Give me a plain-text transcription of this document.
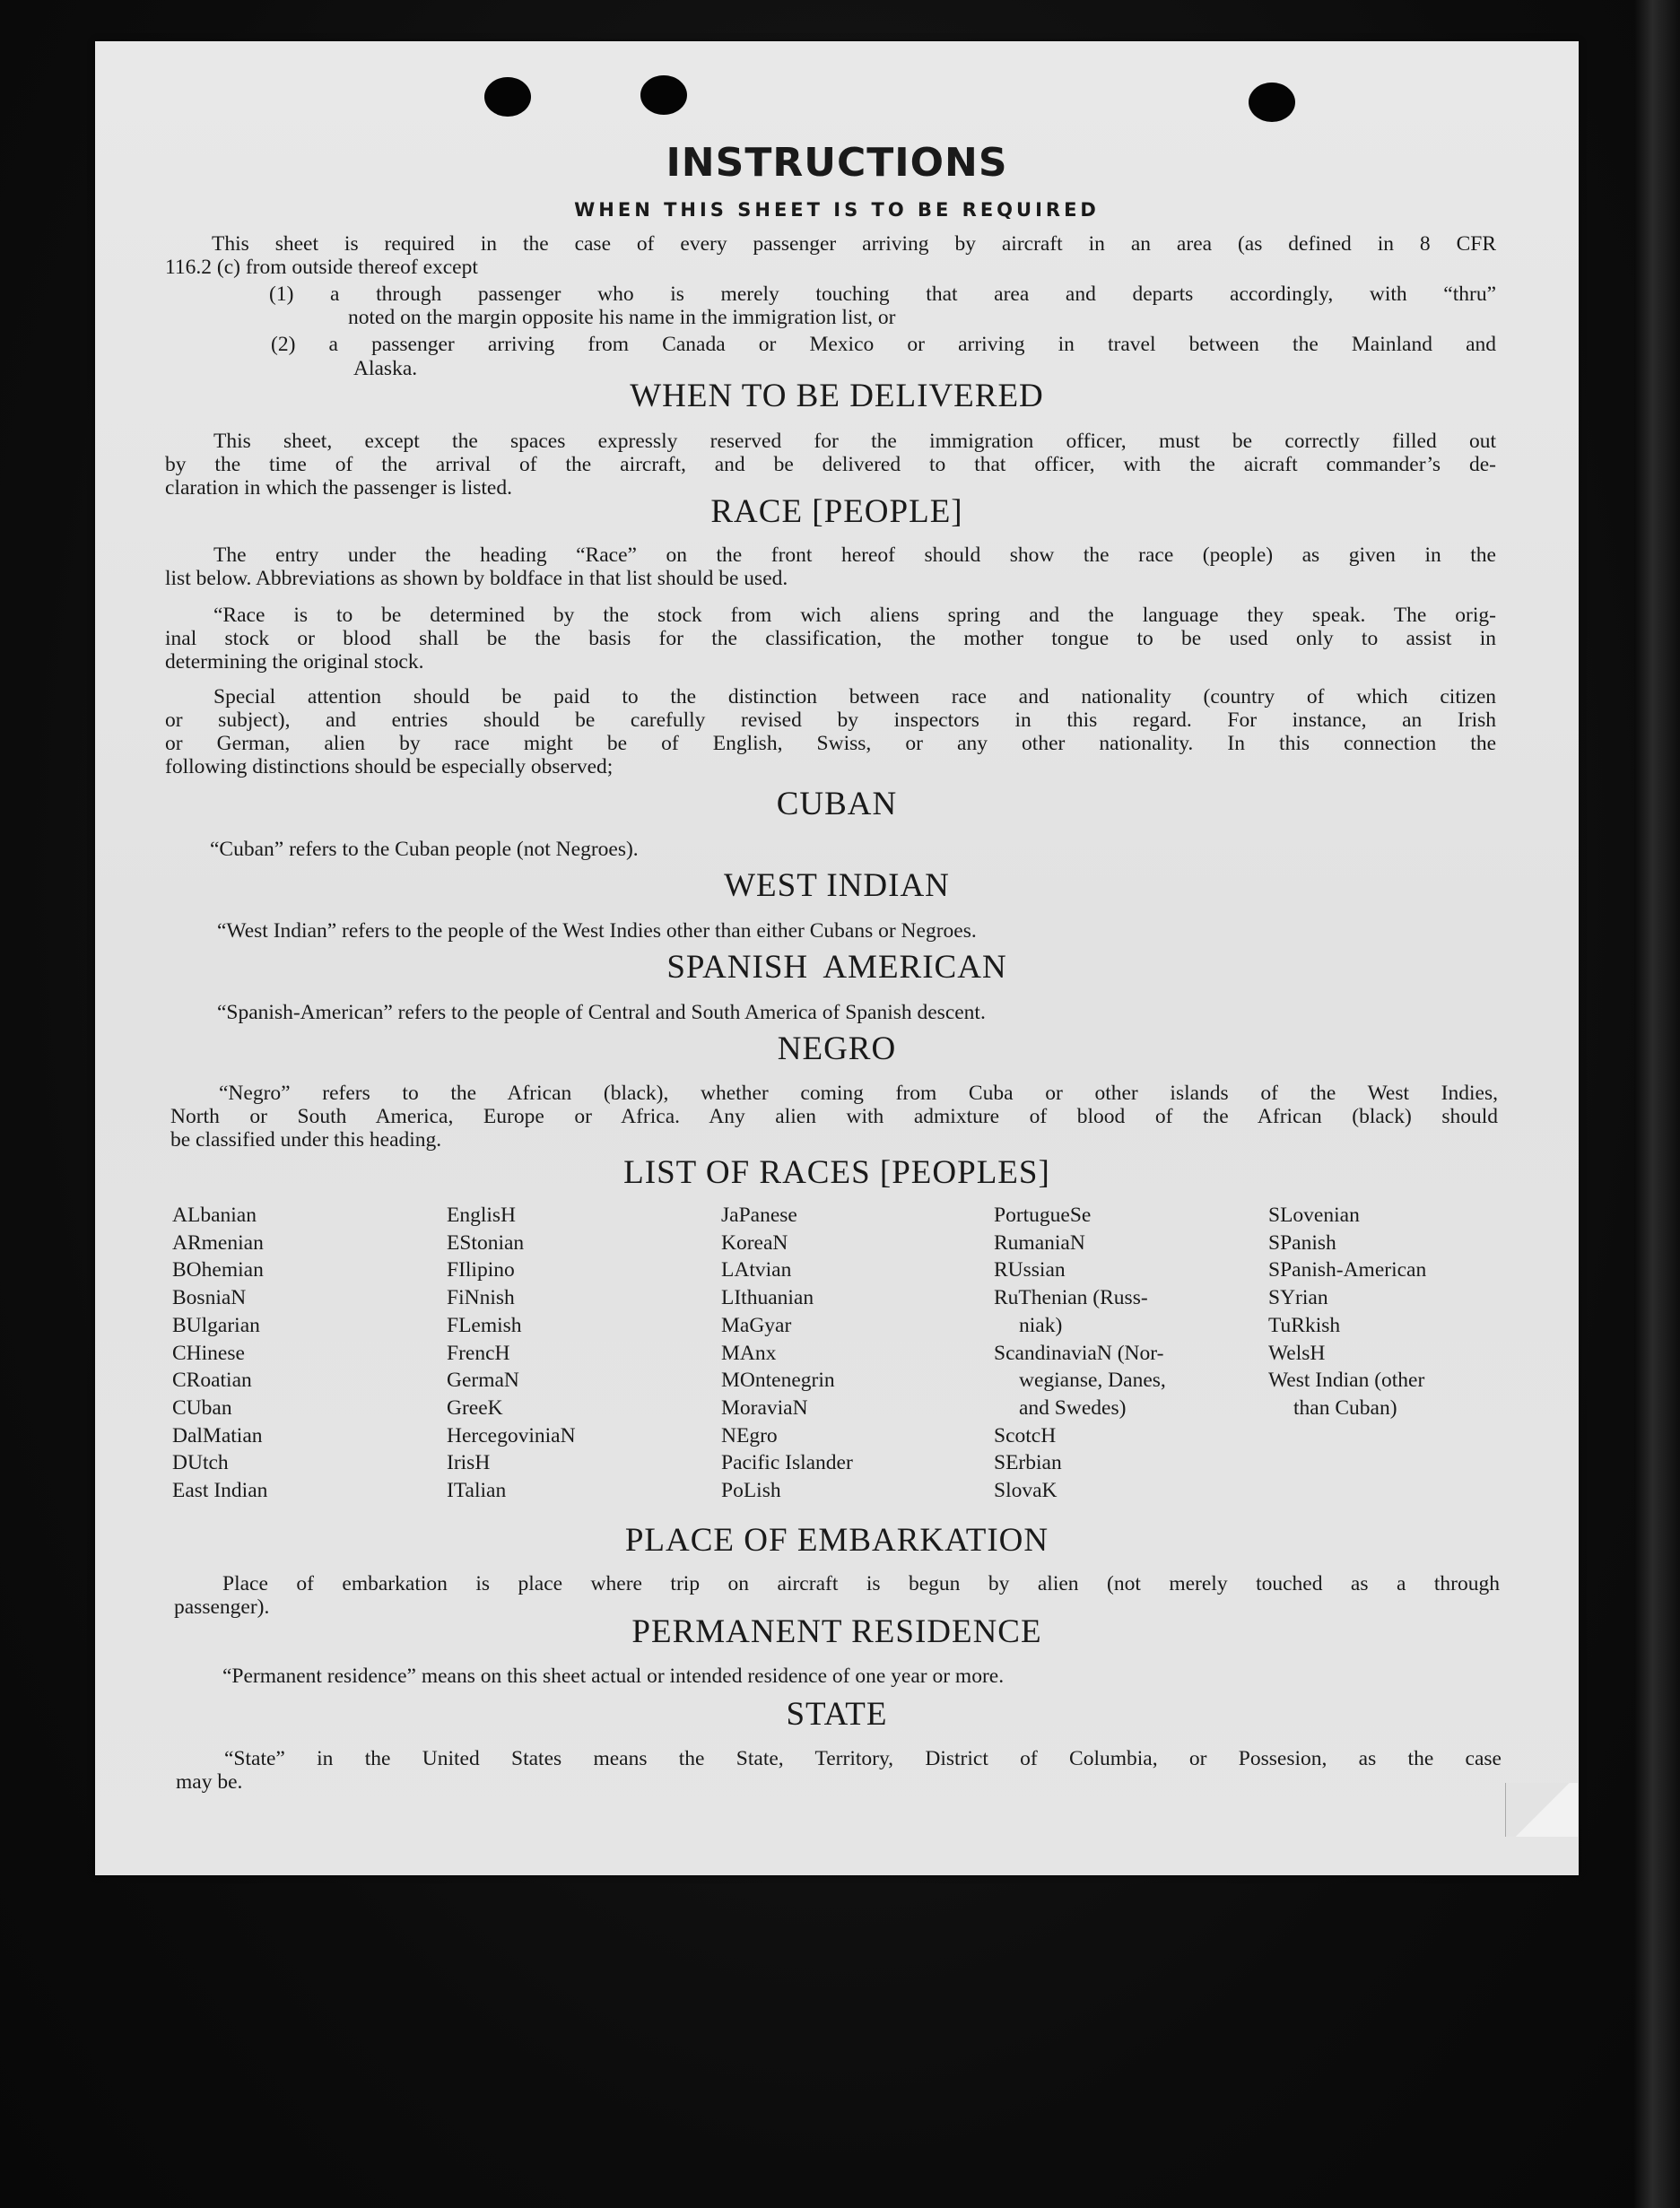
INSTRUCTIONS
WHEN THIS SHEET IS TO BE REQUIRED
This sheet is required in the case of every passenger arriving by aircraft in an area (as defined in 8 CFR
116.2 (c) from outside thereof except
(1) a through passenger who is merely touching that area and departs accordingly, with “thru”
noted on the margin opposite his name in the immigration list, or
(2) a passenger arriving from Canada or Mexico or arriving in travel between the Mainland and
Alaska.
WHEN TO BE DELIVERED
This sheet, except the spaces expressly reserved for the immigration officer, must be correctly filled out
by the time of the arrival of the aircraft, and be delivered to that officer, with the aicraft commander’s de-
claration in which the passenger is listed.
RACE [PEOPLE]
The entry under the heading “Race” on the front hereof should show the race (people) as given in the
list below. Abbreviations as shown by boldface in that list should be used.
“Race is to be determined by the stock from wich aliens spring and the language they speak. The orig-
inal stock or blood shall be the basis for the classification, the mother tongue to be used only to assist in
determining the original stock.
Special attention should be paid to the distinction between race and nationality (country of which citizen
or subject), and entries should be carefully revised by inspectors in this regard. For instance, an Irish
or German, alien by race might be of English, Swiss, or any other nationality. In this connection the
following distinctions should be especially observed;
CUBAN
“Cuban” refers to the Cuban people (not Negroes).
WEST INDIAN
“West Indian” refers to the people of the West Indies other than either Cubans or Negroes.
SPANISH AMERICAN
“Spanish-American” refers to the people of Central and South America of Spanish descent.
NEGRO
“Negro” refers to the African (black), whether coming from Cuba or other islands of the West Indies,
North or South America, Europe or Africa. Any alien with admixture of blood of the African (black) should
be classified under this heading.
LIST OF RACES [PEOPLES]
ALbanian
ARmenian
BOhemian
BosniaN
BUlgarian
CHinese
CRoatian
CUban
DalMatian
DUtch
East Indian
EnglisH
EStonian
FIlipino
FiNnish
FLemish
FrencH
GermaN
GreeK
HercegoviniaN
IrisH
ITalian
JaPanese
KoreaN
LAtvian
LIthuanian
MaGyar
MAnx
MOntenegrin
MoraviaN
NEgro
Pacific Islander
PoLish
PortugueSe
RumaniaN
RUssian
RuThenian (Russ-
niak)
ScandinaviaN (Nor-
wegianse, Danes,
and Swedes)
ScotcH
SErbian
SlovaK
SLovenian
SPanish
SPanish-American
SYrian
TuRkish
WelsH
West Indian (other
than Cuban)
PLACE OF EMBARKATION
Place of embarkation is place where trip on aircraft is begun by alien (not merely touched as a through
passenger).
PERMANENT RESIDENCE
“Permanent residence” means on this sheet actual or intended residence of one year or more.
STATE
“State” in the United States means the State, Territory, District of Columbia, or Possesion, as the case
may be.
